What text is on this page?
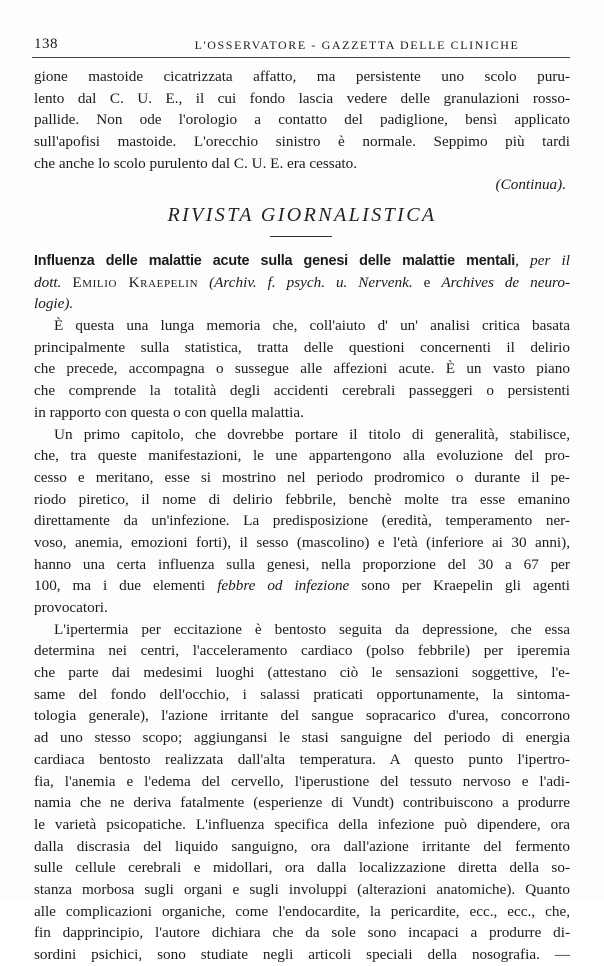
138	L'OSSERVATORE - GAZZETTA DELLE CLINICHE
gione mastoide cicatrizzata affatto, ma persistente uno scolo puru-
lento dal C. U. E., il cui fondo lascia vedere delle granulazioni rosso-
pallide. Non ode l'orologio a contatto del padiglione, bensì applicato
sull'apofisi mastoide. L'orecchio sinistro è normale. Seppimo più tardi
che anche lo scolo purulento dal C. U. E. era cessato.
(Continua).
RIVISTA GIORNALISTICA
Influenza delle malattie acute sulla genesi delle malattie mentali, per il
dott. Emilio Kraepelin (Archiv. f. psych. u. Nervenk. e Archives de neuro-
logie).
È questa una lunga memoria che, coll'aiuto d' un' analisi critica basata
principalmente sulla statistica, tratta delle questioni concernenti il delirio
che precede, accompagna o sussegue alle affezioni acute. È un vasto piano
che comprende la totalità degli accidenti cerebrali passeggeri o persistenti
in rapporto con questa o con quella malattia.
Un primo capitolo, che dovrebbe portare il titolo di generalità, stabilisce,
che, tra queste manifestazioni, le une appartengono alla evoluzione del pro-
cesso e meritano, esse si mostrino nel periodo prodromico o durante il pe-
riodo piretico, il nome di delirio febbrile, benchè molte tra esse emanino
direttamente da un'infezione. La predisposizione (eredità, temperamento ner-
voso, anemia, emozioni forti), il sesso (mascolino) e l'età (inferiore ai 30 anni),
hanno una certa influenza sulla genesi, nella proporzione del 30 a 67 per
100, ma i due elementi febbre od infezione sono per Kraepelin gli agenti
provocatori.
L'ipertermia per eccitazione è bentosto seguita da depressione, che essa
determina nei centri, l'acceleramento cardiaco (polso febbrile) per iperemia
che parte dai medesimi luoghi (attestano ciò le sensazioni soggettive, l'e-
same del fondo dell'occhio, i salassi praticati opportunamente, la sintoma-
tologia generale), l'azione irritante del sangue sopracarico d'urea, concorrono
ad uno stesso scopo; aggiungansi le stasi sanguigne del periodo di energia
cardiaca bentosto realizzata dall'alta temperatura. A questo punto l'ipertro-
fia, l'anemia e l'edema del cervello, l'iperustione del tessuto nervoso e l'adi-
namia che ne deriva fatalmente (esperienze di Vundt) contribuiscono a produrre
le varietà psicopatiche. L'influenza specifica della infezione può dipendere, ora
dalla discrasia del liquido sanguigno, ora dall'azione irritante del fermento
sulle cellule cerebrali e midollari, ora dalla localizzazione diretta della so-
stanza morbosa sugli organi e sugli involuppi (alterazioni anatomiche). Quanto
alle complicazioni organiche, come l'endocardite, la pericardite, ecc., ecc., che,
fin dapprincipio, l'autore dichiara che da sole sono incapaci a produrre di-
sordini psichici, sono studiate negli articoli speciali della nosografia. —
